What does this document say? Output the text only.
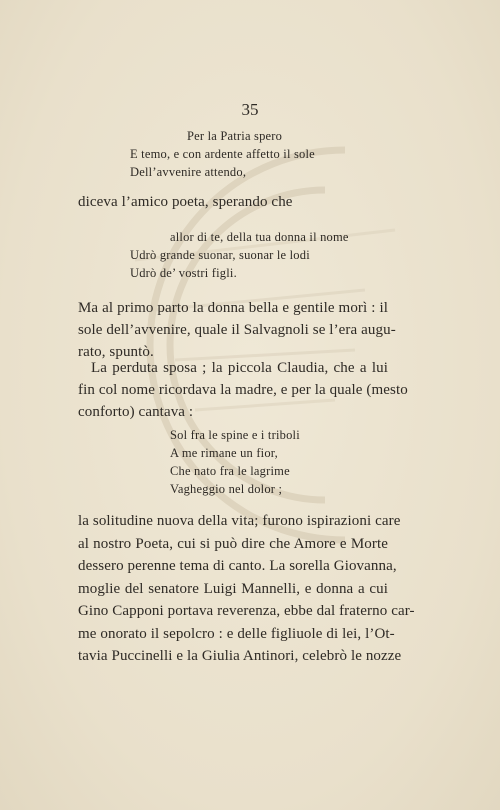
35
Per la Patria spero
E temo, e con ardente affetto il sole
Dell’avvenire attendo,
diceva l’amico poeta, sperando che
allor di te, della tua donna il nome
Udrò grande suonar, suonar le lodi
Udrò de’ vostri figli.
Ma al primo parto la donna bella e gentile morì : il
sole dell’avvenire, quale il Salvagnoli se l’era augu-
rato, spuntò.
La perduta sposa ; la piccola Claudia, che a lui
fin col nome ricordava la madre, e per la quale (mesto
conforto) cantava :
Sol fra le spine e i triboli
A me rimane un fior,
Che nato fra le lagrime
Vagheggio nel dolor ;
la solitudine nuova della vita; furono ispirazioni care
al nostro Poeta, cui si può dire che Amore e Morte
dessero perenne tema di canto. La sorella Giovanna,
moglie del senatore Luigi Mannelli, e donna a cui
Gino Capponi portava reverenza, ebbe dal fraterno car-
me onorato il sepolcro : e delle figliuole di lei, l’Ot-
tavia Puccinelli e la Giulia Antinori, celebrò le nozze
